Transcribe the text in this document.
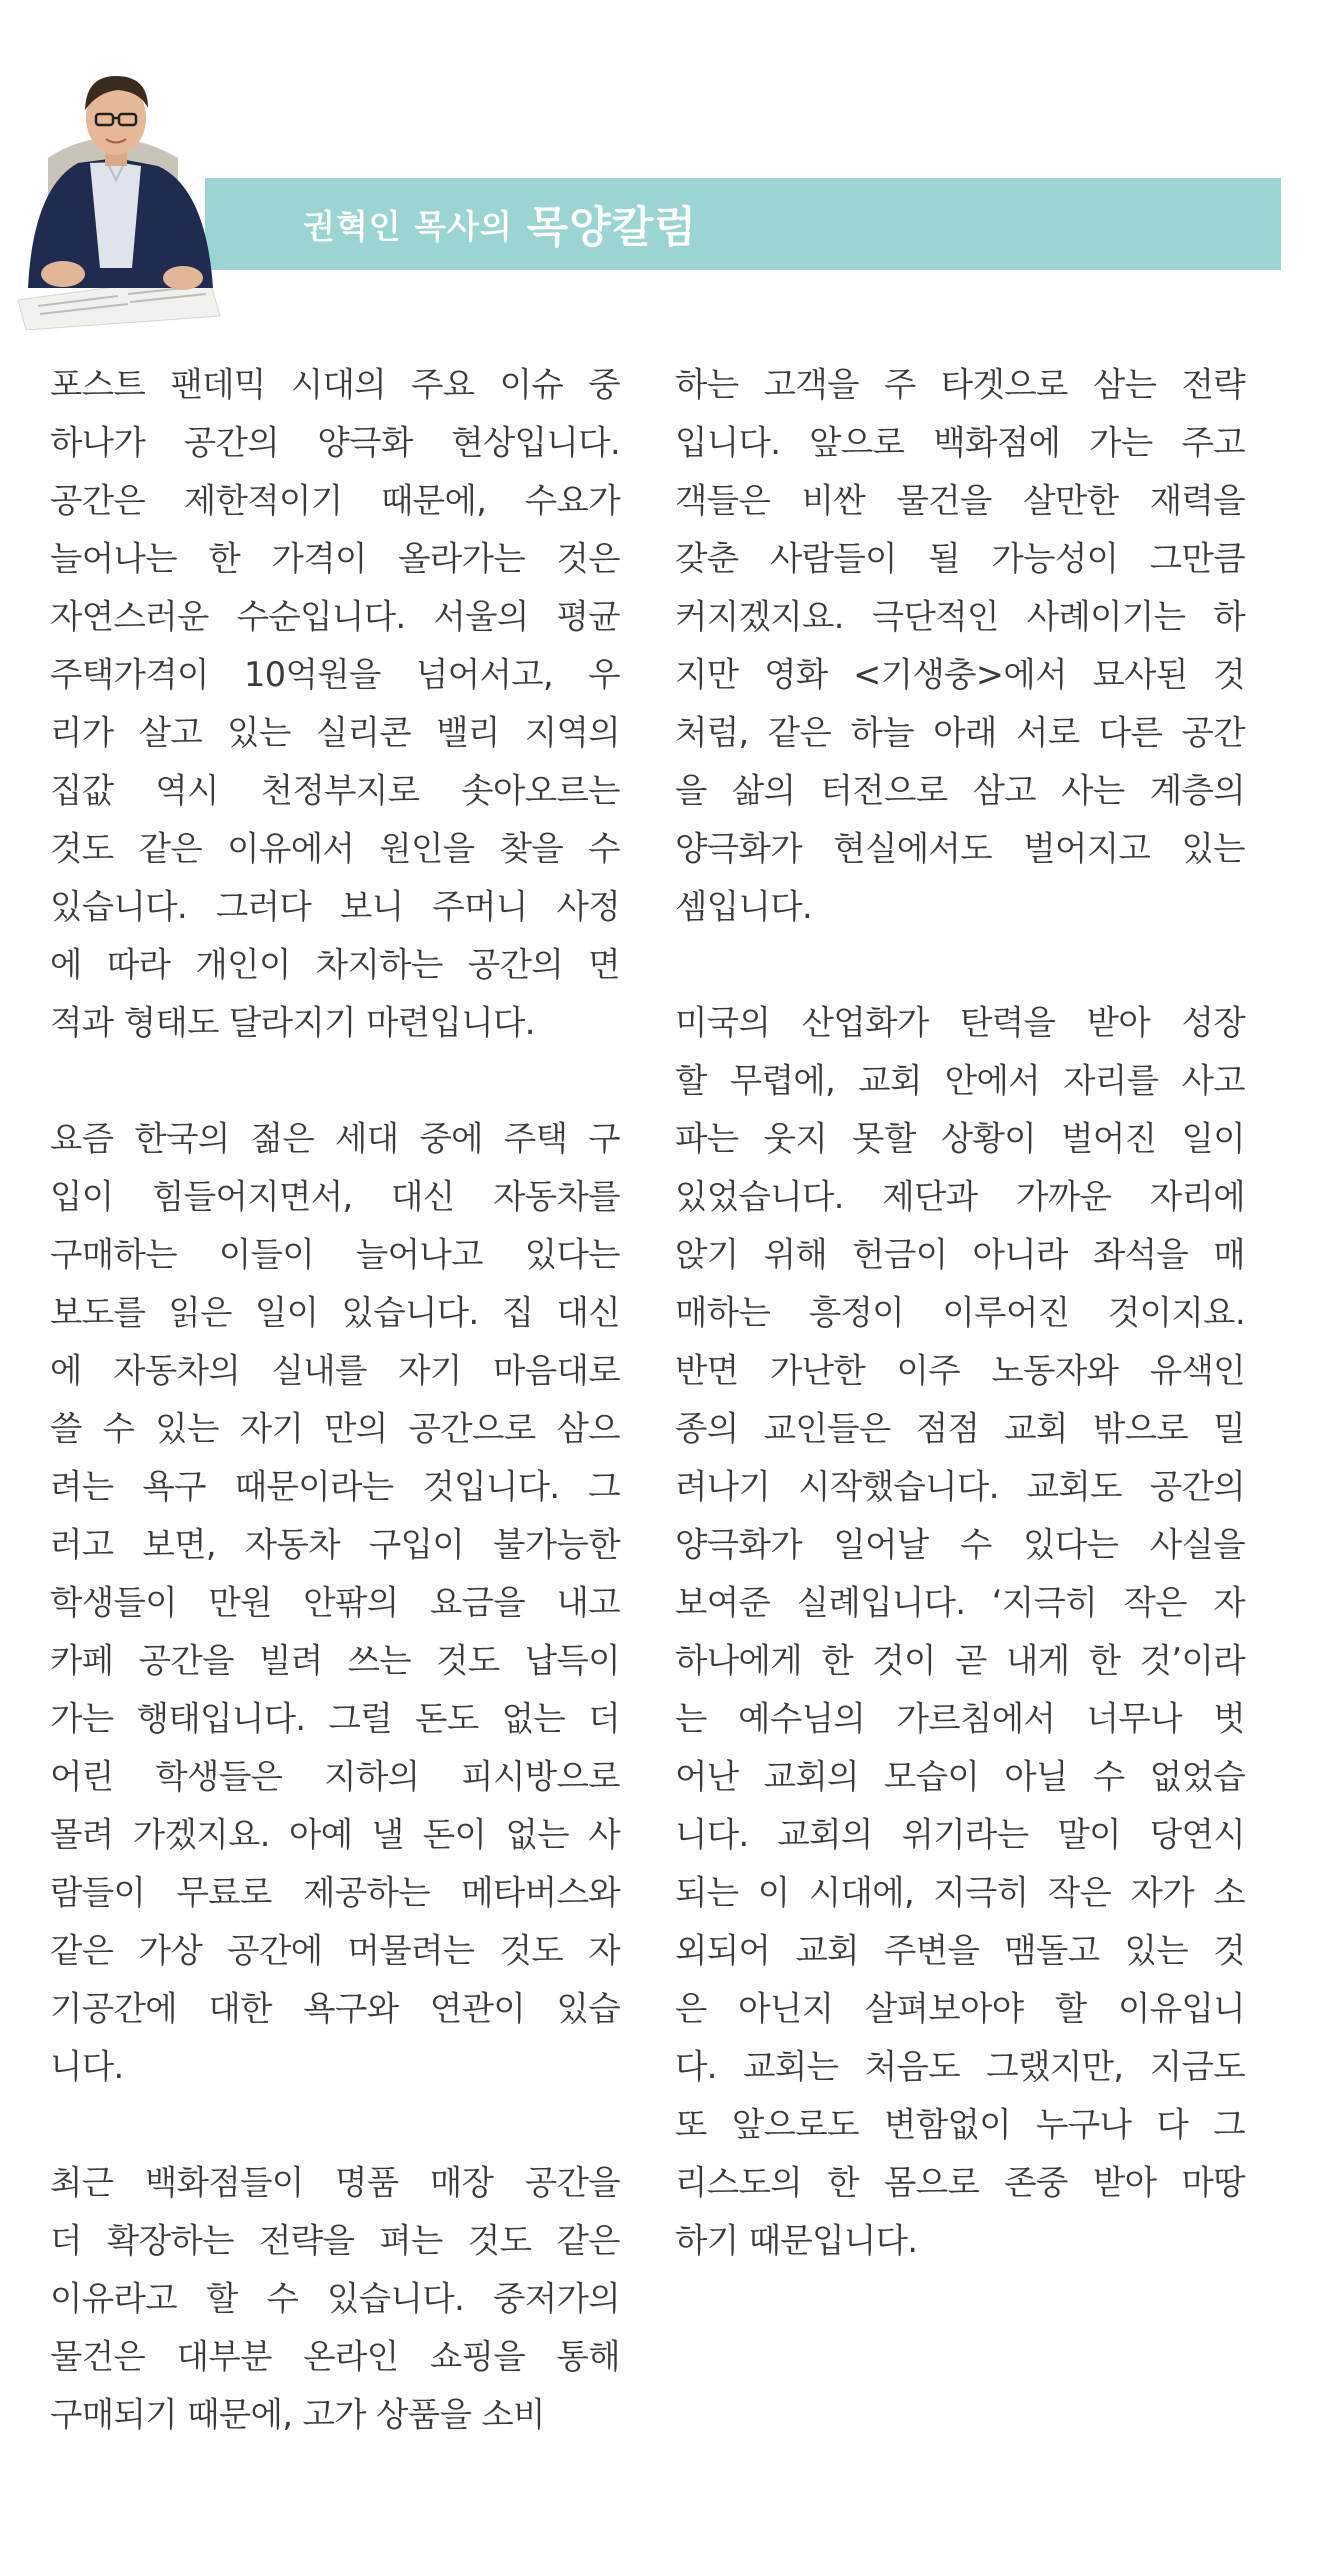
권혁인 목사의 목양칼럼
포스트 팬데믹 시대의 주요 이슈 중
하나가 공간의 양극화 현상입니다.
공간은 제한적이기 때문에, 수요가
늘어나는 한 가격이 올라가는 것은
자연스러운 수순입니다. 서울의 평균
주택가격이 10억원을 넘어서고, 우
리가 살고 있는 실리콘 밸리 지역의
집값 역시 천정부지로 솟아오르는
것도 같은 이유에서 원인을 찾을 수
있습니다. 그러다 보니 주머니 사정
에 따라 개인이 차지하는 공간의 면
적과 형태도 달라지기 마련입니다.
요즘 한국의 젊은 세대 중에 주택 구
입이 힘들어지면서, 대신 자동차를
구매하는 이들이 늘어나고 있다는
보도를 읽은 일이 있습니다. 집 대신
에 자동차의 실내를 자기 마음대로
쓸 수 있는 자기 만의 공간으로 삼으
려는 욕구 때문이라는 것입니다. 그
러고 보면, 자동차 구입이 불가능한
학생들이 만원 안팎의 요금을 내고
카페 공간을 빌려 쓰는 것도 납득이
가는 행태입니다. 그럴 돈도 없는 더
어린 학생들은 지하의 피시방으로
몰려 가겠지요. 아예 낼 돈이 없는 사
람들이 무료로 제공하는 메타버스와
같은 가상 공간에 머물려는 것도 자
기공간에 대한 욕구와 연관이 있습
니다.
최근 백화점들이 명품 매장 공간을
더 확장하는 전략을 펴는 것도 같은
이유라고 할 수 있습니다. 중저가의
물건은 대부분 온라인 쇼핑을 통해
구매되기 때문에, 고가 상품을 소비
하는 고객을 주 타겟으로 삼는 전략
입니다. 앞으로 백화점에 가는 주고
객들은 비싼 물건을 살만한 재력을
갖춘 사람들이 될 가능성이 그만큼
커지겠지요. 극단적인 사례이기는 하
지만 영화 <기생충>에서 묘사된 것
처럼, 같은 하늘 아래 서로 다른 공간
을 삶의 터전으로 삼고 사는 계층의
양극화가 현실에서도 벌어지고 있는
셈입니다.
미국의 산업화가 탄력을 받아 성장
할 무렵에, 교회 안에서 자리를 사고
파는 웃지 못할 상황이 벌어진 일이
있었습니다. 제단과 가까운 자리에
앉기 위해 헌금이 아니라 좌석을 매
매하는 흥정이 이루어진 것이지요.
반면 가난한 이주 노동자와 유색인
종의 교인들은 점점 교회 밖으로 밀
려나기 시작했습니다. 교회도 공간의
양극화가 일어날 수 있다는 사실을
보여준 실례입니다. ‘지극히 작은 자
하나에게 한 것이 곧 내게 한 것’이라
는 예수님의 가르침에서 너무나 벗
어난 교회의 모습이 아닐 수 없었습
니다. 교회의 위기라는 말이 당연시
되는 이 시대에, 지극히 작은 자가 소
외되어 교회 주변을 맴돌고 있는 것
은 아닌지 살펴보아야 할 이유입니
다. 교회는 처음도 그랬지만, 지금도
또 앞으로도 변함없이 누구나 다 그
리스도의 한 몸으로 존중 받아 마땅
하기 때문입니다.
